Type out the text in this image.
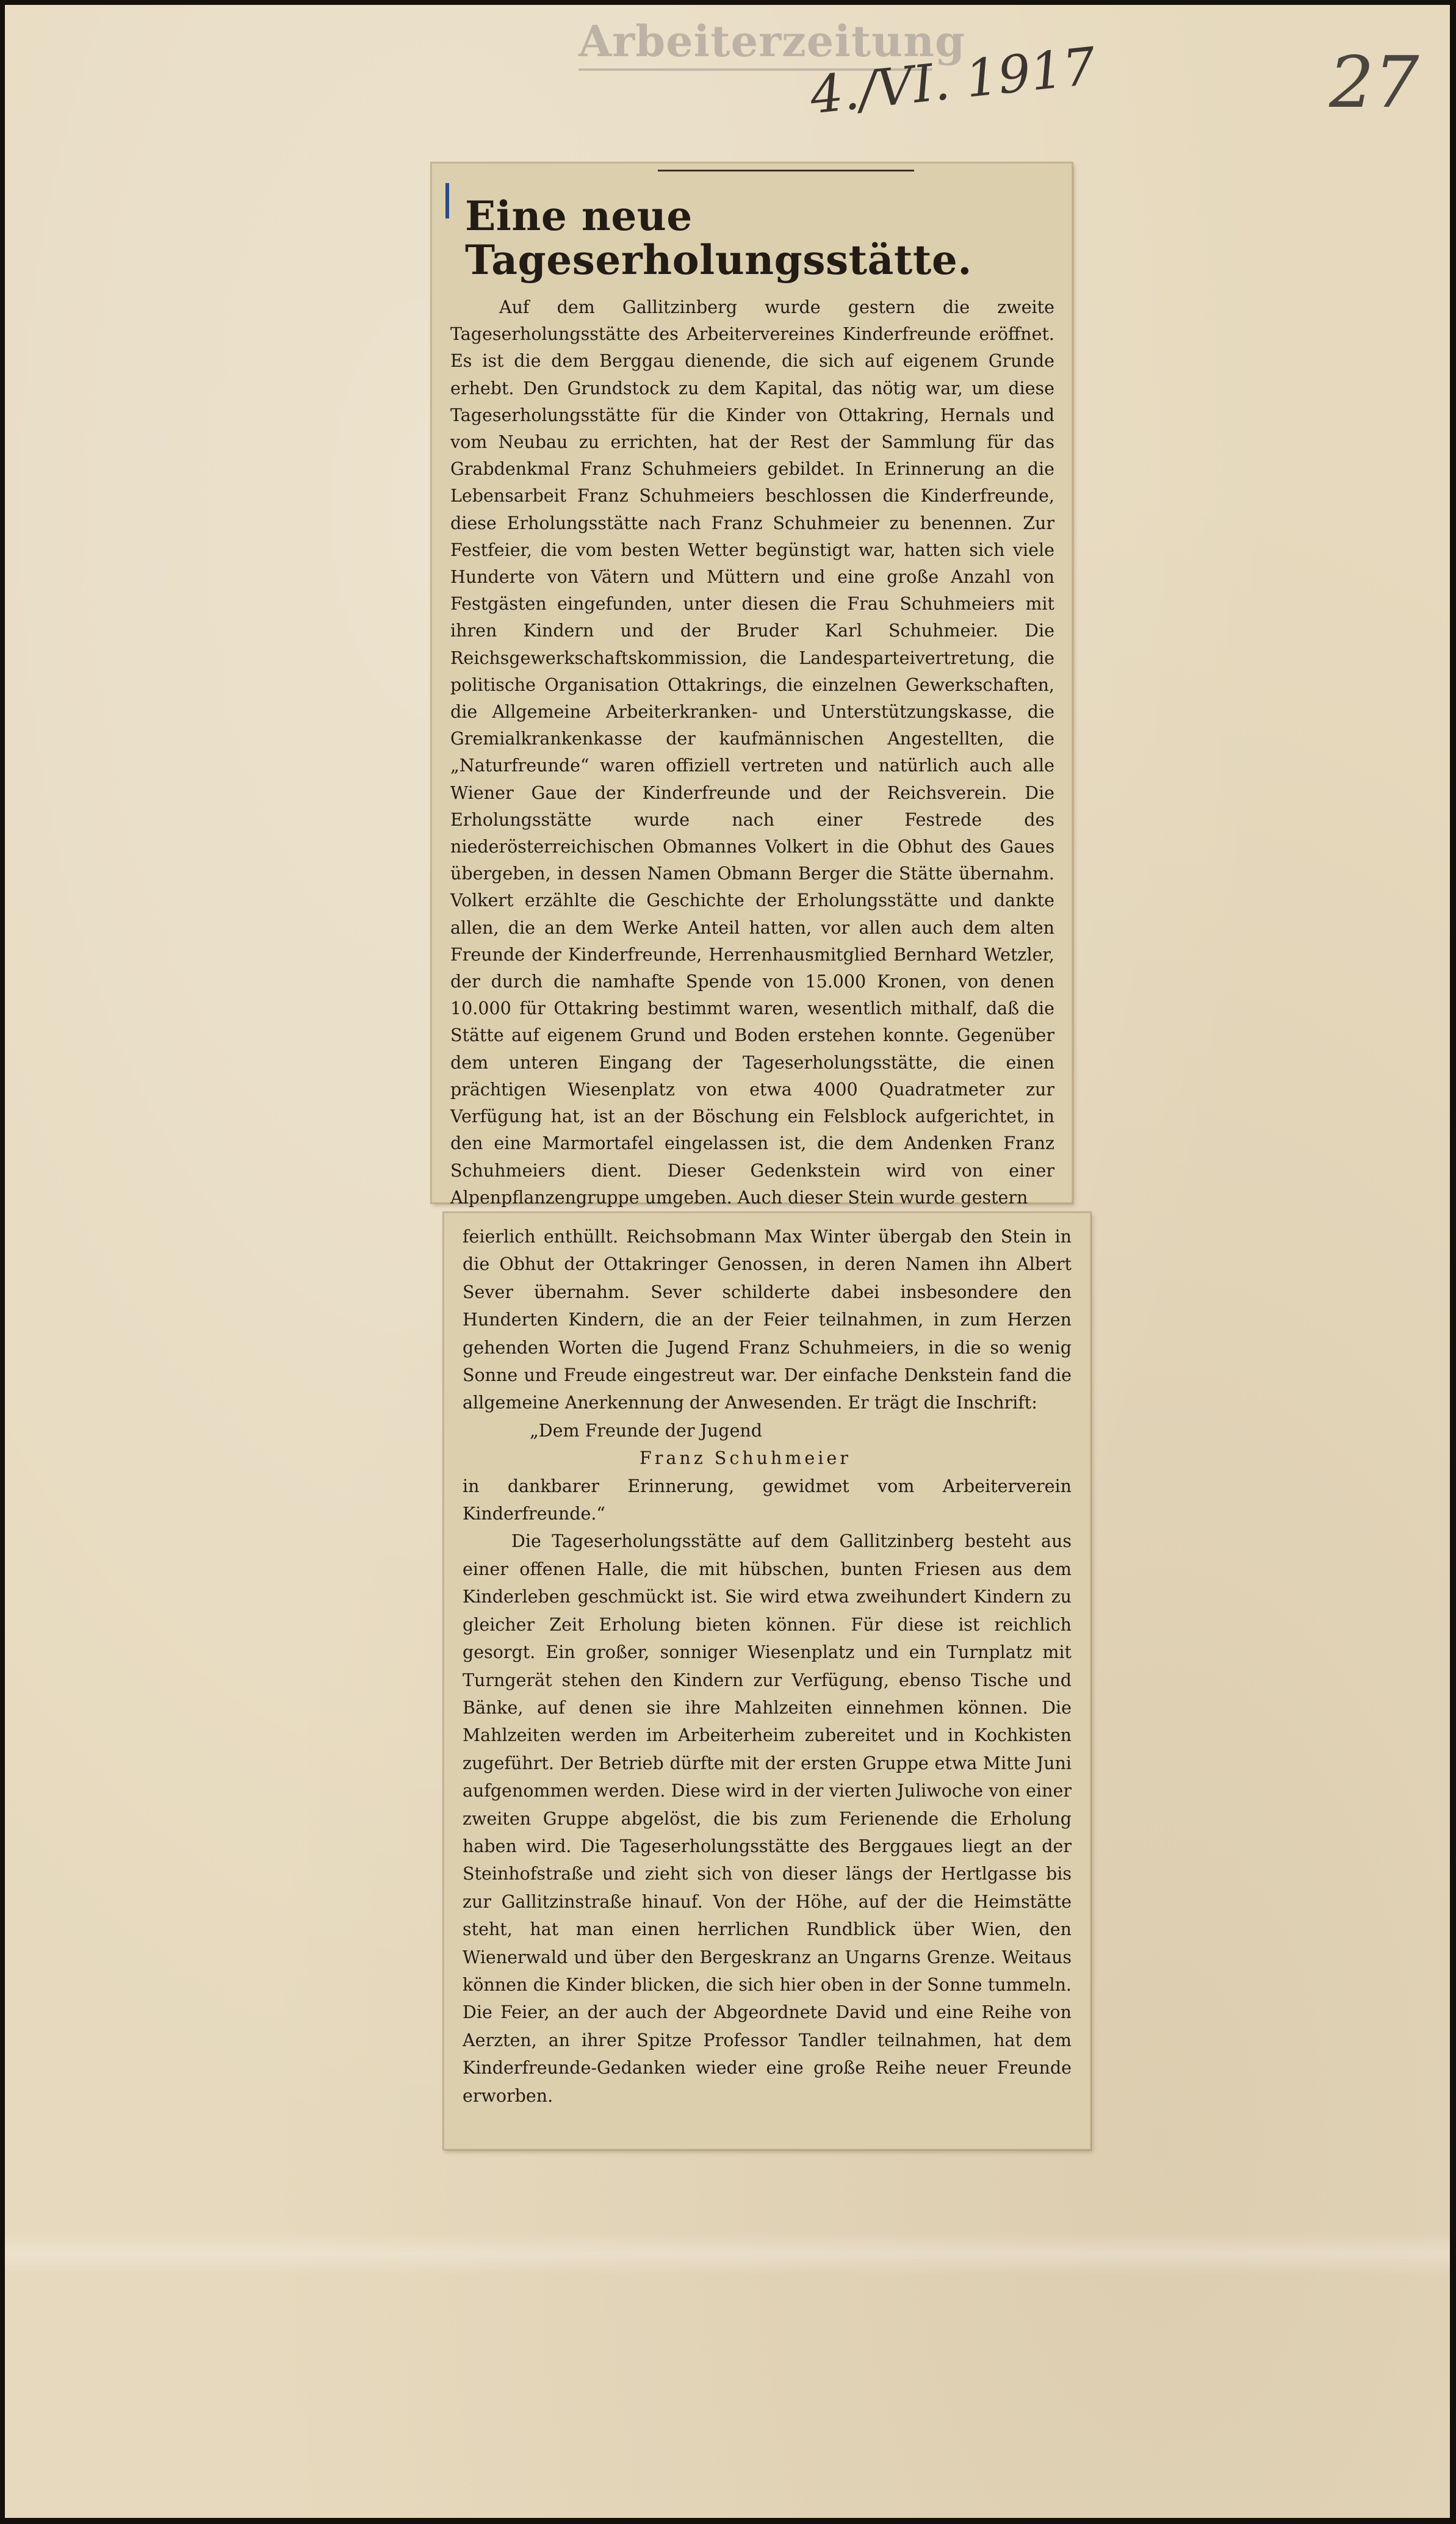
Arbeiterzeitung
4./VI. 1917	27
Eine neue Tageserholungsstätte.

Auf dem Gallitzinberg wurde gestern die zweite Tageserholungsstätte des Arbeitervereines Kinderfreunde eröffnet. Es ist die dem Berggau dienende, die sich auf eigenem Grunde erhebt. Den Grundstock zu dem Kapital, das nötig war, um diese Tageserholungsstätte für die Kinder von Ottakring, Hernals und vom Neubau zu errichten, hat der Rest der Sammlung für das Grabdenkmal Franz Schuhmeiers gebildet. In Erinnerung an die Lebensarbeit Franz Schuhmeiers beschlossen die Kinderfreunde, diese Erholungsstätte nach Franz Schuhmeier zu benennen. Zur Festfeier, die vom besten Wetter begünstigt war, hatten sich viele Hunderte von Vätern und Müttern und eine große Anzahl von Festgästen eingefunden, unter diesen die Frau Schuhmeiers mit ihren Kindern und der Bruder Karl Schuhmeier. Die Reichsgewerkschaftskommission, die Landesparteivertretung, die politische Organisation Ottakrings, die einzelnen Gewerkschaften, die Allgemeine Arbeiterkranken- und Unterstützungskasse, die Gremialkrankenkasse der kaufmännischen Angestellten, die „Naturfreunde“ waren offiziell vertreten und natürlich auch alle Wiener Gaue der Kinderfreunde und der Reichsverein. Die Erholungsstätte wurde nach einer Festrede des niederösterreichischen Obmannes Volkert in die Obhut des Gaues übergeben, in dessen Namen Obmann Berger die Stätte übernahm. Volkert erzählte die Geschichte der Erholungsstätte und dankte allen, die an dem Werke Anteil hatten, vor allen auch dem alten Freunde der Kinderfreunde, Herrenhausmitglied Bernhard Wetzler, der durch die namhafte Spende von 15.000 Kronen, von denen 10.000 für Ottakring bestimmt waren, wesentlich mithalf, daß die Stätte auf eigenem Grund und Boden erstehen konnte. Gegenüber dem unteren Eingang der Tageserholungsstätte, die einen prächtigen Wiesenplatz von etwa 4000 Quadratmeter zur Verfügung hat, ist an der Böschung ein Felsblock aufgerichtet, in den eine Marmortafel eingelassen ist, die dem Andenken Franz Schuhmeiers dient. Dieser Gedenkstein wird von einer Alpenpflanzengruppe umgeben. Auch dieser Stein wurde gestern

feierlich enthüllt. Reichsobmann Max Winter übergab den Stein in die Obhut der Ottakringer Genossen, in deren Namen ihn Albert Sever übernahm. Sever schilderte dabei insbesondere den Hunderten Kindern, die an der Feier teilnahmen, in zum Herzen gehenden Worten die Jugend Franz Schuhmeiers, in die so wenig Sonne und Freude eingestreut war. Der einfache Denkstein fand die allgemeine Anerkennung der Anwesenden. Er trägt die Inschrift:

„Dem Freunde der Jugend

Franz Schuhmeier

in dankbarer Erinnerung, gewidmet vom Arbeiterverein Kinderfreunde.“

Die Tageserholungsstätte auf dem Gallitzinberg besteht aus einer offenen Halle, die mit hübschen, bunten Friesen aus dem Kinderleben geschmückt ist. Sie wird etwa zweihundert Kindern zu gleicher Zeit Erholung bieten können. Für diese ist reichlich gesorgt. Ein großer, sonniger Wiesenplatz und ein Turnplatz mit Turngerät stehen den Kindern zur Verfügung, ebenso Tische und Bänke, auf denen sie ihre Mahlzeiten einnehmen können. Die Mahlzeiten werden im Arbeiterheim zubereitet und in Kochkisten zugeführt. Der Betrieb dürfte mit der ersten Gruppe etwa Mitte Juni aufgenommen werden. Diese wird in der vierten Juliwoche von einer zweiten Gruppe abgelöst, die bis zum Ferienende die Erholung haben wird. Die Tageserholungsstätte des Berggaues liegt an der Steinhofstraße und zieht sich von dieser längs der Hertlgasse bis zur Gallitzinstraße hinauf. Von der Höhe, auf der die Heimstätte steht, hat man einen herrlichen Rundblick über Wien, den Wienerwald und über den Bergeskranz an Ungarns Grenze. Weitaus können die Kinder blicken, die sich hier oben in der Sonne tummeln. Die Feier, an der auch der Abgeordnete David und eine Reihe von Aerzten, an ihrer Spitze Professor Tandler teilnahmen, hat dem Kinderfreunde-Gedanken wieder eine große Reihe neuer Freunde erworben.
